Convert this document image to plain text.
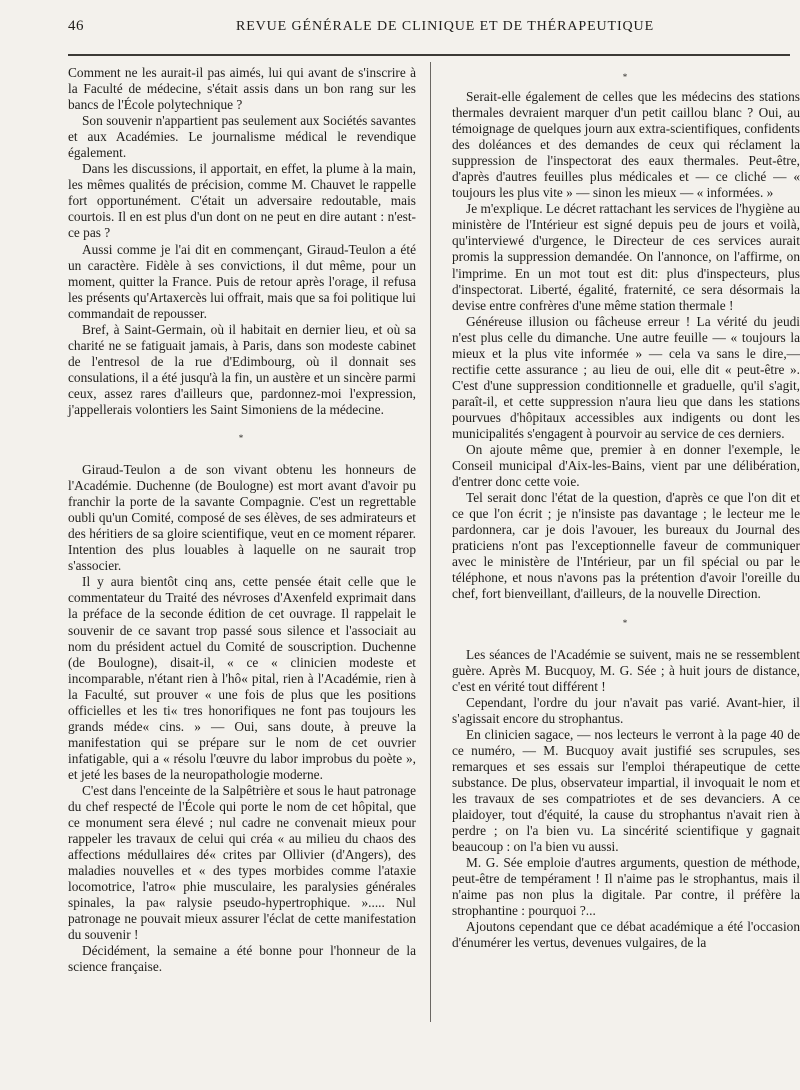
46	REVUE GÉNÉRALE DE CLINIQUE ET DE THÉRAPEUTIQUE

Comment ne les aurait-il pas aimés, lui qui avant de s'inscrire à la Faculté de médecine, s'était assis dans un bon rang sur les bancs de l'École polytechnique ?

Son souvenir n'appartient pas seulement aux Sociétés savantes et aux Académies. Le journalisme médical le revendique également.

Dans les discussions, il apportait, en effet, la plume à la main, les mêmes qualités de précision, comme M. Chauvet le rappelle fort opportunément. C'était un adversaire redoutable, mais courtois. Il en est plus d'un dont on ne peut en dire autant : n'est-ce pas ?

Aussi comme je l'ai dit en commençant, Giraud-Teulon a été un caractère. Fidèle à ses convictions, il dut même, pour un moment, quitter la France. Puis de retour après l'orage, il refusa les présents qu'Artaxercès lui offrait, mais que sa foi politique lui commandait de repousser.

Bref, à Saint-Germain, où il habitait en dernier lieu, et où sa charité ne se fatiguait jamais, à Paris, dans son modeste cabinet de l'entresol de la rue d'Edimbourg, où il donnait ses consulations, il a été jusqu'à la fin, un austère et un sincère parmi ceux, assez rares d'ailleurs que, pardonnez-moi l'expression, j'appellerais volontiers les Saint Simoniens de la médecine.

*

Giraud-Teulon a de son vivant obtenu les honneurs de l'Académie. Duchenne (de Boulogne) est mort avant d'avoir pu franchir la porte de la savante Compagnie. C'est un regrettable oubli qu'un Comité, composé de ses élèves, de ses admirateurs et des héritiers de sa gloire scientifique, veut en ce moment réparer. Intention des plus louables à laquelle on ne saurait trop s'associer.

Il y aura bientôt cinq ans, cette pensée était celle que le commentateur du Traité des névroses d'Axenfeld exprimait dans la préface de la seconde édition de cet ouvrage. Il rappelait le souvenir de ce savant trop passé sous silence et l'associait au nom du président actuel du Comité de souscription. Duchenne (de Boulogne), disait-il, « ce « clinicien modeste et incomparable, n'étant rien à l'hô« pital, rien à l'Académie, rien à la Faculté, sut prouver « une fois de plus que les positions officielles et les ti« tres honorifiques ne font pas toujours les grands méde« cins. » — Oui, sans doute, à preuve la manifestation qui se prépare sur le nom de cet ouvrier infatigable, qui a « résolu l'œuvre du labor improbus du poète », et jeté les bases de la neuropathologie moderne.

C'est dans l'enceinte de la Salpêtrière et sous le haut patronage du chef respecté de l'École qui porte le nom de cet hôpital, que ce monument sera élevé ; nul cadre ne convenait mieux pour rappeler les travaux de celui qui créa « au milieu du chaos des affections médullaires dé« crites par Ollivier (d'Angers), des maladies nouvelles et « des types morbides comme l'ataxie locomotrice, l'atro« phie musculaire, les paralysies générales spinales, la pa« ralysie pseudo-hypertrophique. »..... Nul patronage ne pouvait mieux assurer l'éclat de cette manifestation du souvenir !

Décidément, la semaine a été bonne pour l'honneur de la science française.

*

Serait-elle également de celles que les médecins des stations thermales devraient marquer d'un petit caillou blanc ? Oui, au témoignage de quelques journ aux extra-scientifiques, confidents des doléances et des demandes de ceux qui réclament la suppression de l'inspectorat des eaux thermales. Peut-être, d'après d'autres feuilles plus médicales et — ce cliché — « toujours les plus vite » — sinon les mieux — « informées. »

Je m'explique. Le décret rattachant les services de l'hygiène au ministère de l'Intérieur est signé depuis peu de jours et voilà, qu'interviewé d'urgence, le Directeur de ces services aurait promis la suppression demandée. On l'annonce, on l'affirme, on l'imprime. En un mot tout est dit: plus d'inspecteurs, plus d'inspectorat. Liberté, égalité, fraternité, ce sera désormais la devise entre confrères d'une même station thermale !

Généreuse illusion ou fâcheuse erreur ! La vérité du jeudi n'est plus celle du dimanche. Une autre feuille — « toujours la mieux et la plus vite informée » — cela va sans le dire,— rectifie cette assurance ; au lieu de oui, elle dit « peut-être ». C'est d'une suppression conditionnelle et graduelle, qu'il s'agit, paraît-il, et cette suppression n'aura lieu que dans les stations pourvues d'hôpitaux accessibles aux indigents ou dont les municipalités s'engagent à pourvoir au service de ces derniers.

On ajoute même que, premier à en donner l'exemple, le Conseil municipal d'Aix-les-Bains, vient par une délibération, d'entrer donc cette voie.

Tel serait donc l'état de la question, d'après ce que l'on dit et ce que l'on écrit ; je n'insiste pas davantage ; le lecteur me le pardonnera, car je dois l'avouer, les bureaux du Journal des praticiens n'ont pas l'exceptionnelle faveur de communiquer avec le ministère de l'Intérieur, par un fil spécial ou par le téléphone, et nous n'avons pas la prétention d'avoir l'oreille du chef, fort bienveillant, d'ailleurs, de la nouvelle Direction.

*

Les séances de l'Académie se suivent, mais ne se ressemblent guère. Après M. Bucquoy, M. G. Sée ; à huit jours de distance, c'est en vérité tout différent !

Cependant, l'ordre du jour n'avait pas varié. Avant-hier, il s'agissait encore du strophantus.

En clinicien sagace, — nos lecteurs le verront à la page 40 de ce numéro, — M. Bucquoy avait justifié ses scrupules, ses remarques et ses essais sur l'emploi thérapeutique de cette substance. De plus, observateur impartial, il invoquait le nom et les travaux de ses compatriotes et de ses devanciers. A ce plaidoyer, tout d'équité, la cause du strophantus n'avait rien à perdre ; on l'a bien vu. La sincérité scientifique y gagnait beaucoup : on l'a bien vu aussi.

M. G. Sée emploie d'autres arguments, question de méthode, peut-être de tempérament ! Il n'aime pas le strophantus, mais il n'aime pas non plus la digitale. Par contre, il préfère la strophantine : pourquoi ?...

Ajoutons cependant que ce débat académique a été l'occasion d'énumérer les vertus, devenues vulgaires, de la
